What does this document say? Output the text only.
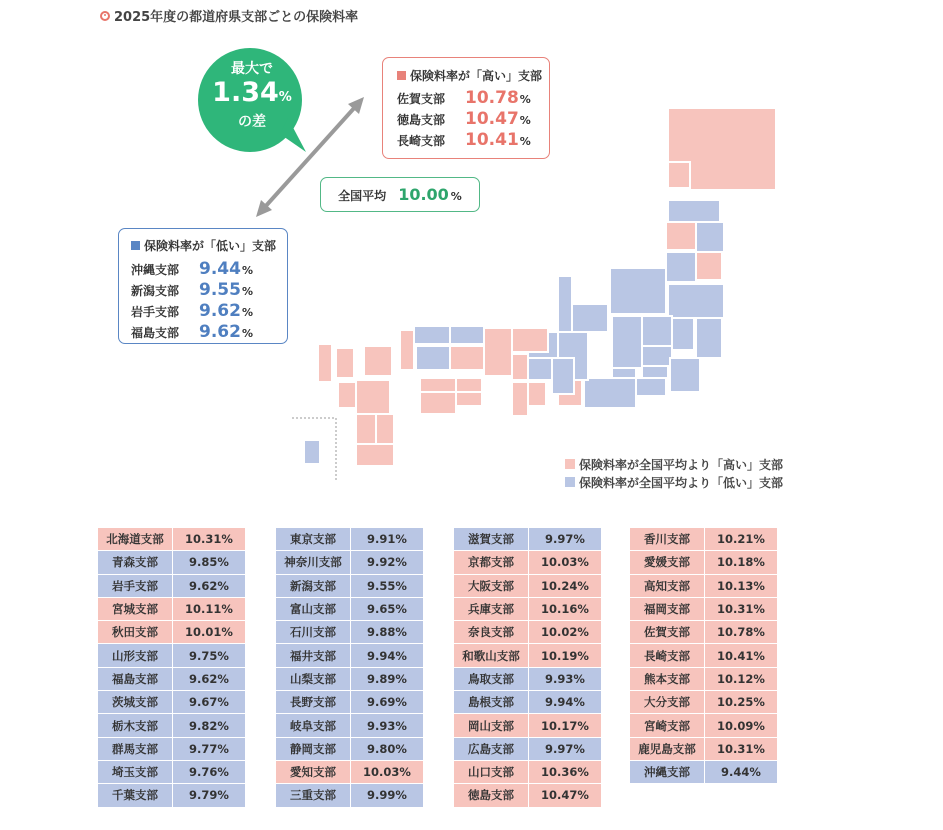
2025年度の都道府県支部ごとの保険料率
最大で
1.34%
の差
保険料率が「高い」支部
佐賀支部	10.78 %
徳島支部	10.47 %
長崎支部	10.41 %
全国平均 10.00 %
保険料率が「低い」支部
沖縄支部	9.44 %
新潟支部	9.55 %
岩手支部	9.62 %
福島支部	9.62 %
保険料率が全国平均より「高い」支部
保険料率が全国平均より「低い」支部
北海道支部	10.31%
青森支部	9.85%
岩手支部	9.62%
宮城支部	10.11%
秋田支部	10.01%
山形支部	9.75%
福島支部	9.62%
茨城支部	9.67%
栃木支部	9.82%
群馬支部	9.77%
埼玉支部	9.76%
千葉支部	9.79%
東京支部	9.91%
神奈川支部	9.92%
新潟支部	9.55%
富山支部	9.65%
石川支部	9.88%
福井支部	9.94%
山梨支部	9.89%
長野支部	9.69%
岐阜支部	9.93%
静岡支部	9.80%
愛知支部	10.03%
三重支部	9.99%
滋賀支部	9.97%
京都支部	10.03%
大阪支部	10.24%
兵庫支部	10.16%
奈良支部	10.02%
和歌山支部	10.19%
鳥取支部	9.93%
島根支部	9.94%
岡山支部	10.17%
広島支部	9.97%
山口支部	10.36%
徳島支部	10.47%
香川支部	10.21%
愛媛支部	10.18%
高知支部	10.13%
福岡支部	10.31%
佐賀支部	10.78%
長崎支部	10.41%
熊本支部	10.12%
大分支部	10.25%
宮崎支部	10.09%
鹿児島支部	10.31%
沖縄支部	9.44%
